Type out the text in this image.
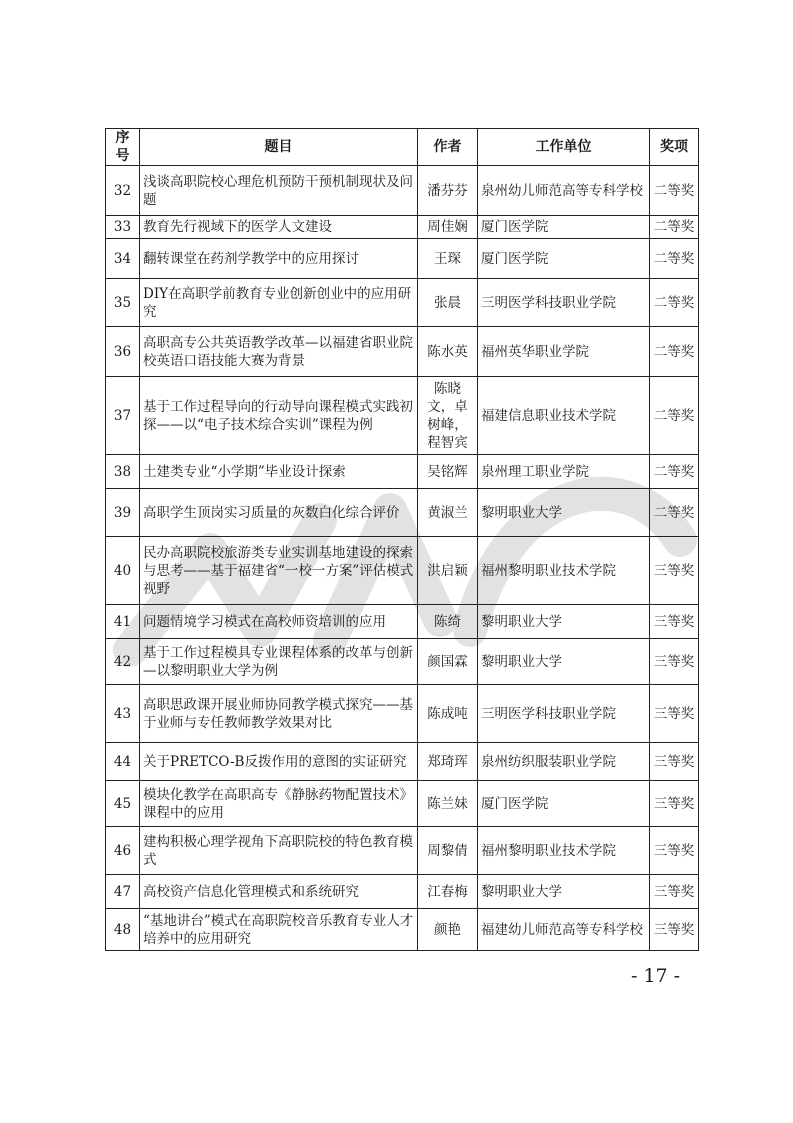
序号	题目	作者	工作单位	奖项
32	浅谈高职院校心理危机预防干预机制现状及问题	潘芬芬	泉州幼儿师范高等专科学校	二等奖
33	教育先行视域下的医学人文建设	周佳娴	厦门医学院	二等奖
34	翻转课堂在药剂学教学中的应用探讨	王琛	厦门医学院	二等奖
35	DIY在高职学前教育专业创新创业中的应用研究	张晨	三明医学科技职业学院	二等奖
36	高职高专公共英语教学改革—以福建省职业院校英语口语技能大赛为背景	陈水英	福州英华职业学院	二等奖
37	基于工作过程导向的行动导向课程模式实践初探——以“电子技术综合实训”课程为例	陈晓文，卓树峰，程智宾	福建信息职业技术学院	二等奖
38	土建类专业“小学期”毕业设计探索	吴铭辉	泉州理工职业学院	二等奖
39	高职学生顶岗实习质量的灰数白化综合评价	黄淑兰	黎明职业大学	二等奖
40	民办高职院校旅游类专业实训基地建设的探索与思考——基于福建省“一校一方案”评估模式视野	洪启颖	福州黎明职业技术学院	三等奖
41	问题情境学习模式在高校师资培训的应用	陈绮	黎明职业大学	三等奖
42	基于工作过程模具专业课程体系的改革与创新—以黎明职业大学为例	颜国霖	黎明职业大学	三等奖
43	高职思政课开展业师协同教学模式探究——基于业师与专任教师教学效果对比	陈成吨	三明医学科技职业学院	三等奖
44	关于PRETCO-B反拨作用的意图的实证研究	郑琦珲	泉州纺织服装职业学院	三等奖
45	模块化教学在高职高专《静脉药物配置技术》课程中的应用	陈兰妹	厦门医学院	三等奖
46	建构积极心理学视角下高职院校的特色教育模式	周黎倩	福州黎明职业技术学院	三等奖
47	高校资产信息化管理模式和系统研究	江春梅	黎明职业大学	三等奖
48	“基地讲台”模式在高职院校音乐教育专业人才培养中的应用研究	颜艳	福建幼儿师范高等专科学校	三等奖
- 17 -
